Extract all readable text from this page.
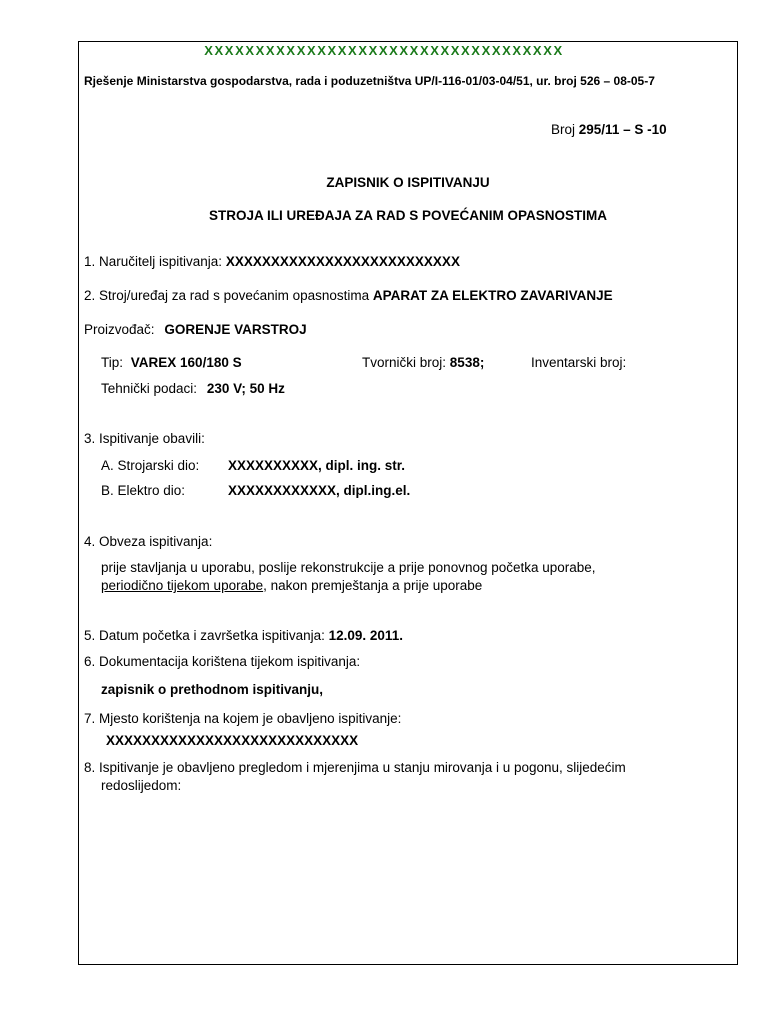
XXXXXXXXXXXXXXXXXXXXXXXXXXXXXXXXXXX
Rješenje Ministarstva gospodarstva, rada i poduzetništva UP/I-116-01/03-04/51, ur. broj 526 – 08-05-7
Broj 295/11 – S -10
ZAPISNIK O ISPITIVANJU
STROJA ILI UREĐAJA ZA RAD S POVEĆANIM OPASNOSTIMA
1. Naručitelj ispitivanja: XXXXXXXXXXXXXXXXXXXXXXXXXX
2. Stroj/uređaj za rad s povećanim opasnostima APARAT ZA ELEKTRO ZAVARIVANJE
Proizvođač: GORENJE VARSTROJ
Tip: VAREX 160/180 S	Tvornički broj: 8538;	Inventarski broj:
Tehnički podaci: 230 V; 50 Hz
3. Ispitivanje obavili:
A. Strojarski dio: XXXXXXXXXX, dipl. ing. str.
B. Elektro dio:	XXXXXXXXXXXX, dipl.ing.el.
4. Obveza ispitivanja:
prije stavljanja u uporabu, poslije rekonstrukcije a prije ponovnog početka uporabe,
periodično tijekom uporabe, nakon premještanja a prije uporabe
5. Datum početka i završetka ispitivanja: 12.09. 2011.
6. Dokumentacija korištena tijekom ispitivanja:
zapisnik o prethodnom ispitivanju,
7. Mjesto korištenja na kojem je obavljeno ispitivanje:
XXXXXXXXXXXXXXXXXXXXXXXXXXXX
8. Ispitivanje je obavljeno pregledom i mjerenjima u stanju mirovanja i u pogonu, slijedećim
redoslijedom:
